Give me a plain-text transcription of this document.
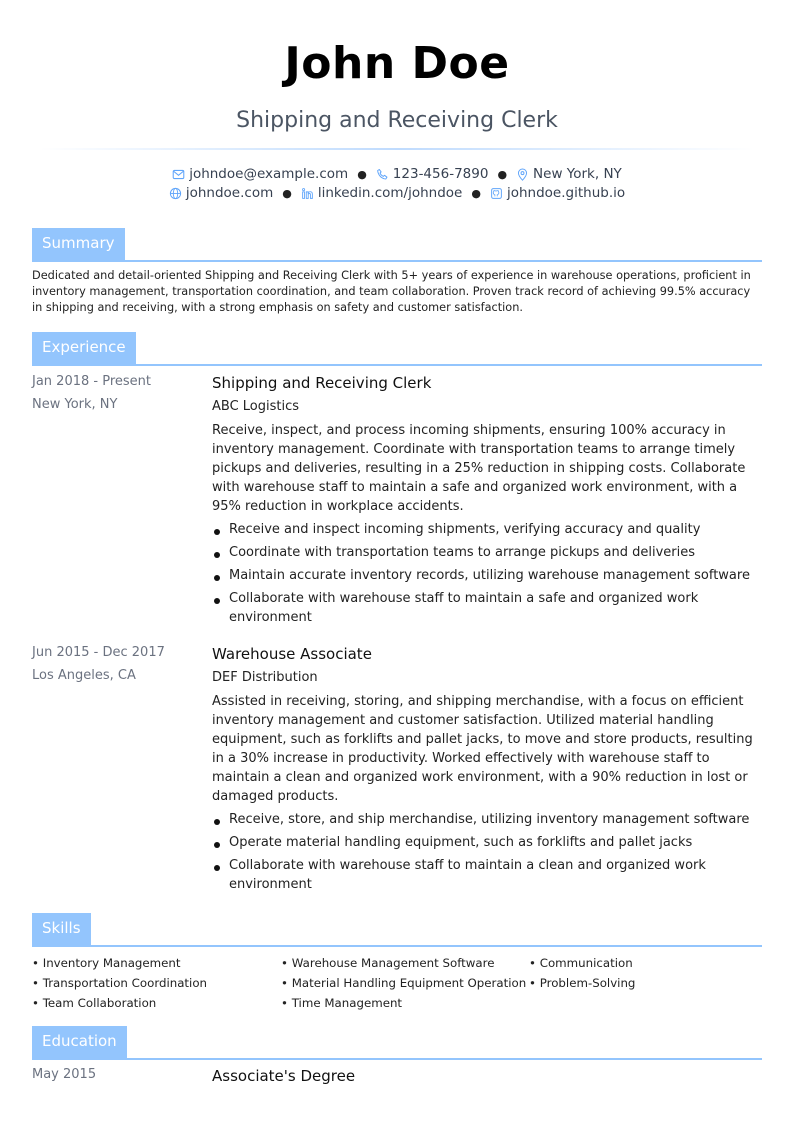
John Doe
Shipping and Receiving Clerk
johndoe@example.com ● 123-456-7890 ● New York, NY
johndoe.com ● linkedin.com/johndoe ● johndoe.github.io
Summary
Dedicated and detail-oriented Shipping and Receiving Clerk with 5+ years of experience in warehouse operations, proficient in inventory management, transportation coordination, and team collaboration. Proven track record of achieving 99.5% accuracy in shipping and receiving, with a strong emphasis on safety and customer satisfaction.
Experience
Jan 2018 - Present
New York, NY
Shipping and Receiving Clerk
ABC Logistics
Receive, inspect, and process incoming shipments, ensuring 100% accuracy in inventory management. Coordinate with transportation teams to arrange timely pickups and deliveries, resulting in a 25% reduction in shipping costs. Collaborate with warehouse staff to maintain a safe and organized work environment, with a 95% reduction in workplace accidents.
Receive and inspect incoming shipments, verifying accuracy and quality
Coordinate with transportation teams to arrange pickups and deliveries
Maintain accurate inventory records, utilizing warehouse management software
Collaborate with warehouse staff to maintain a safe and organized work environment
Jun 2015 - Dec 2017
Los Angeles, CA
Warehouse Associate
DEF Distribution
Assisted in receiving, storing, and shipping merchandise, with a focus on efficient inventory management and customer satisfaction. Utilized material handling equipment, such as forklifts and pallet jacks, to move and store products, resulting in a 30% increase in productivity. Worked effectively with warehouse staff to maintain a clean and organized work environment, with a 90% reduction in lost or damaged products.
Receive, store, and ship merchandise, utilizing inventory management software
Operate material handling equipment, such as forklifts and pallet jacks
Collaborate with warehouse staff to maintain a clean and organized work environment
Skills
• Inventory Management
• Transportation Coordination
• Team Collaboration
• Warehouse Management Software
• Material Handling Equipment Operation
• Time Management
• Communication
• Problem-Solving
Education
May 2015	Associate's Degree
